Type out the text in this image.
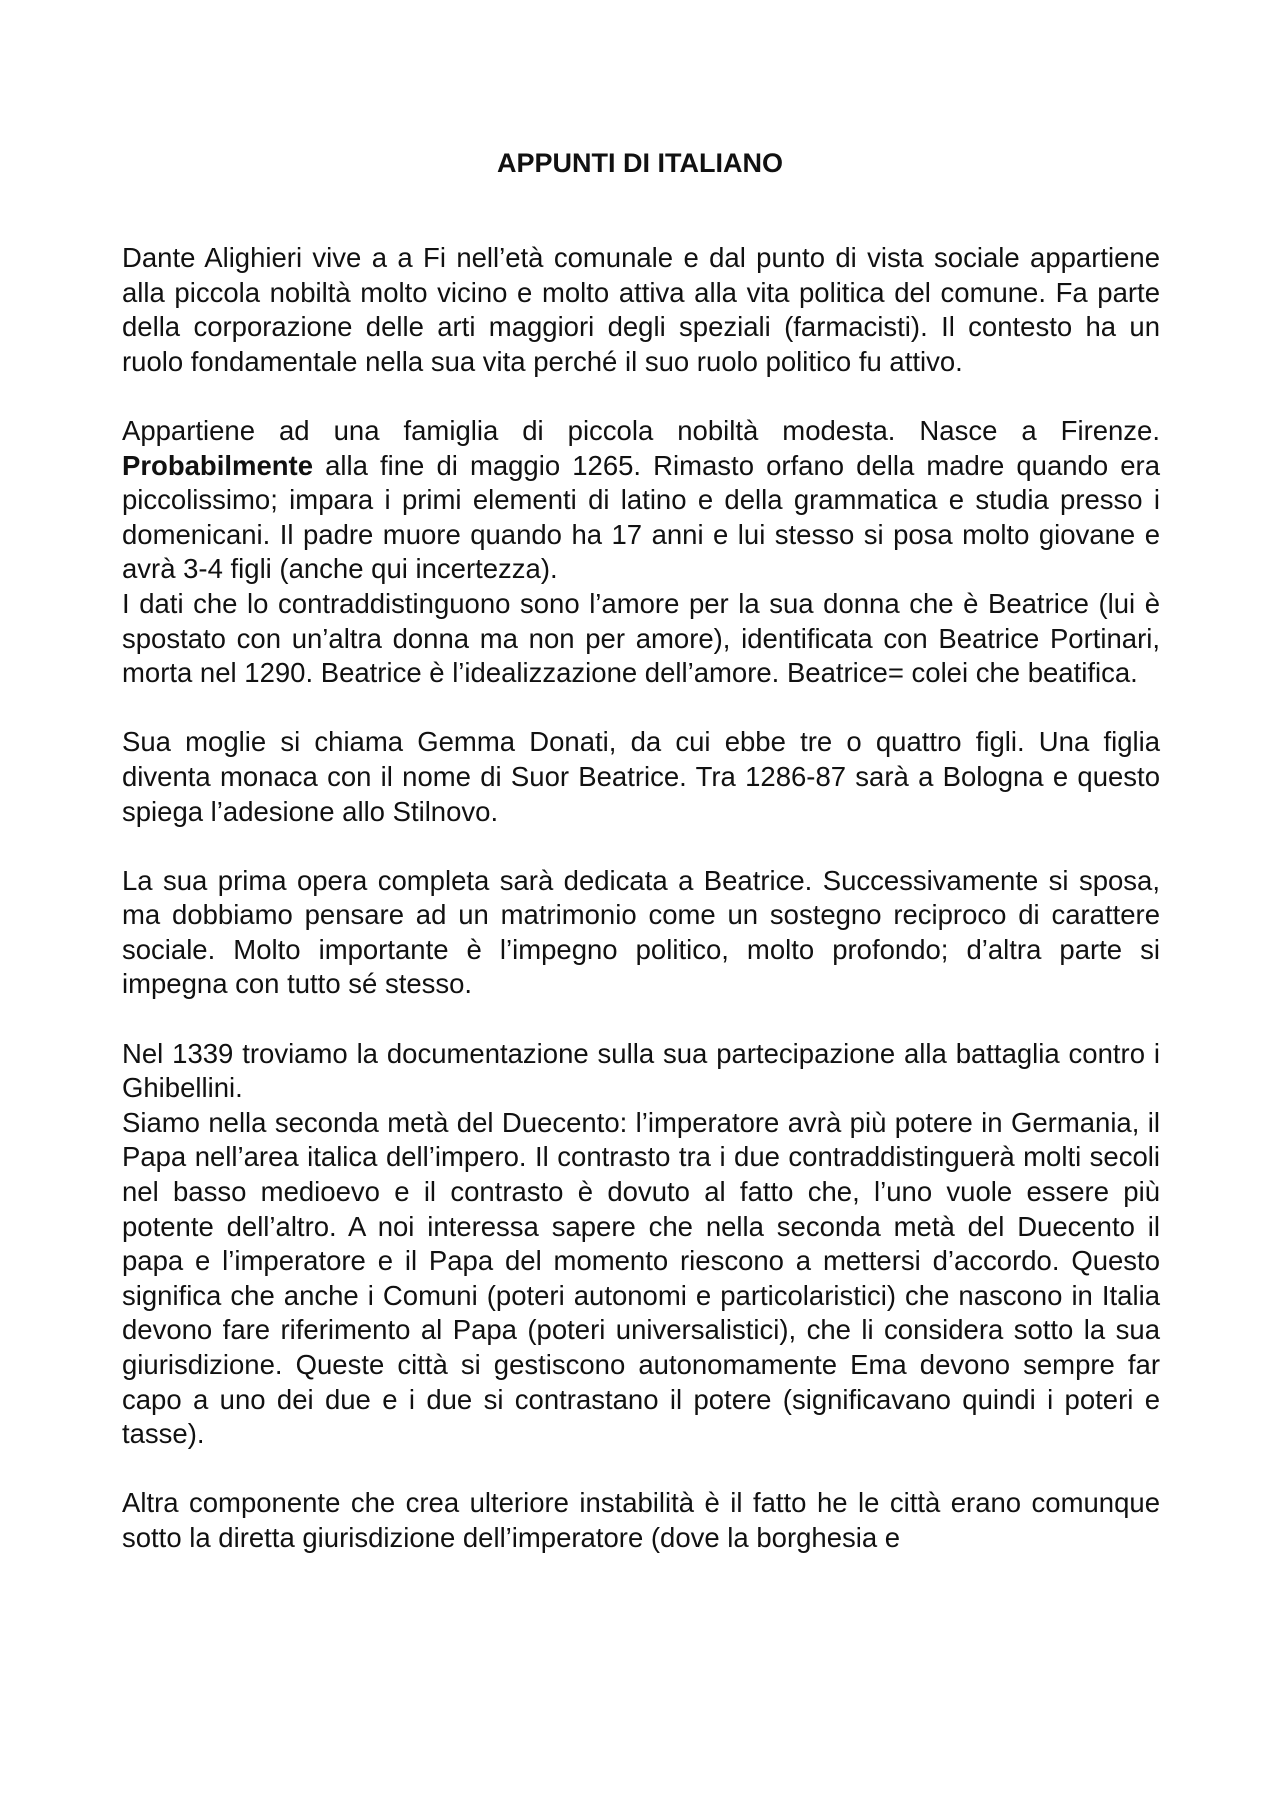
APPUNTI DI ITALIANO

Dante Alighieri vive a a Fi nell’età comunale e dal punto di vista sociale appartiene alla piccola nobiltà molto vicino e molto attiva alla vita politica del comune. Fa parte della corporazione delle arti maggiori degli speziali (farmacisti). Il contesto ha un ruolo fondamentale nella sua vita perché il suo ruolo politico fu attivo.

Appartiene ad una famiglia di piccola nobiltà modesta. Nasce a Firenze. Probabilmente alla fine di maggio 1265. Rimasto orfano della madre quando era piccolissimo; impara i primi elementi di latino e della grammatica e studia presso i domenicani. Il padre muore quando ha 17 anni e lui stesso si posa molto giovane e avrà 3-4 figli (anche qui incertezza).

I dati che lo contraddistinguono sono l’amore per la sua donna che è Beatrice (lui è spostato con un’altra donna ma non per amore), identificata con Beatrice Portinari, morta nel 1290. Beatrice è l’idealizzazione dell’amore. Beatrice= colei che beatifica.

Sua moglie si chiama Gemma Donati, da cui ebbe tre o quattro figli. Una figlia diventa monaca con il nome di Suor Beatrice. Tra 1286-87 sarà a Bologna e questo spiega l’adesione allo Stilnovo.

La sua prima opera completa sarà dedicata a Beatrice. Successivamente si sposa, ma dobbiamo pensare ad un matrimonio come un sostegno reciproco di carattere sociale. Molto importante è l’impegno politico, molto profondo; d’altra parte si impegna con tutto sé stesso.

Nel 1339 troviamo la documentazione sulla sua partecipazione alla battaglia contro i Ghibellini.

Siamo nella seconda metà del Duecento: l’imperatore avrà più potere in Germania, il Papa nell’area italica dell’impero. Il contrasto tra i due contraddistinguerà molti secoli nel basso medioevo e il contrasto è dovuto al fatto che, l’uno vuole essere più potente dell’altro. A noi interessa sapere che nella seconda metà del Duecento il papa e l’imperatore e il Papa del momento riescono a mettersi d’accordo. Questo significa che anche i Comuni (poteri autonomi e particolaristici) che nascono in Italia devono fare riferimento al Papa (poteri universalistici), che li considera sotto la sua giurisdizione. Queste città si gestiscono autonomamente Ema devono sempre far capo a uno dei due e i due si contrastano il potere (significavano quindi i poteri e tasse).

Altra componente che crea ulteriore instabilità è il fatto he le città erano comunque sotto la diretta giurisdizione dell’imperatore (dove la borghesia e
